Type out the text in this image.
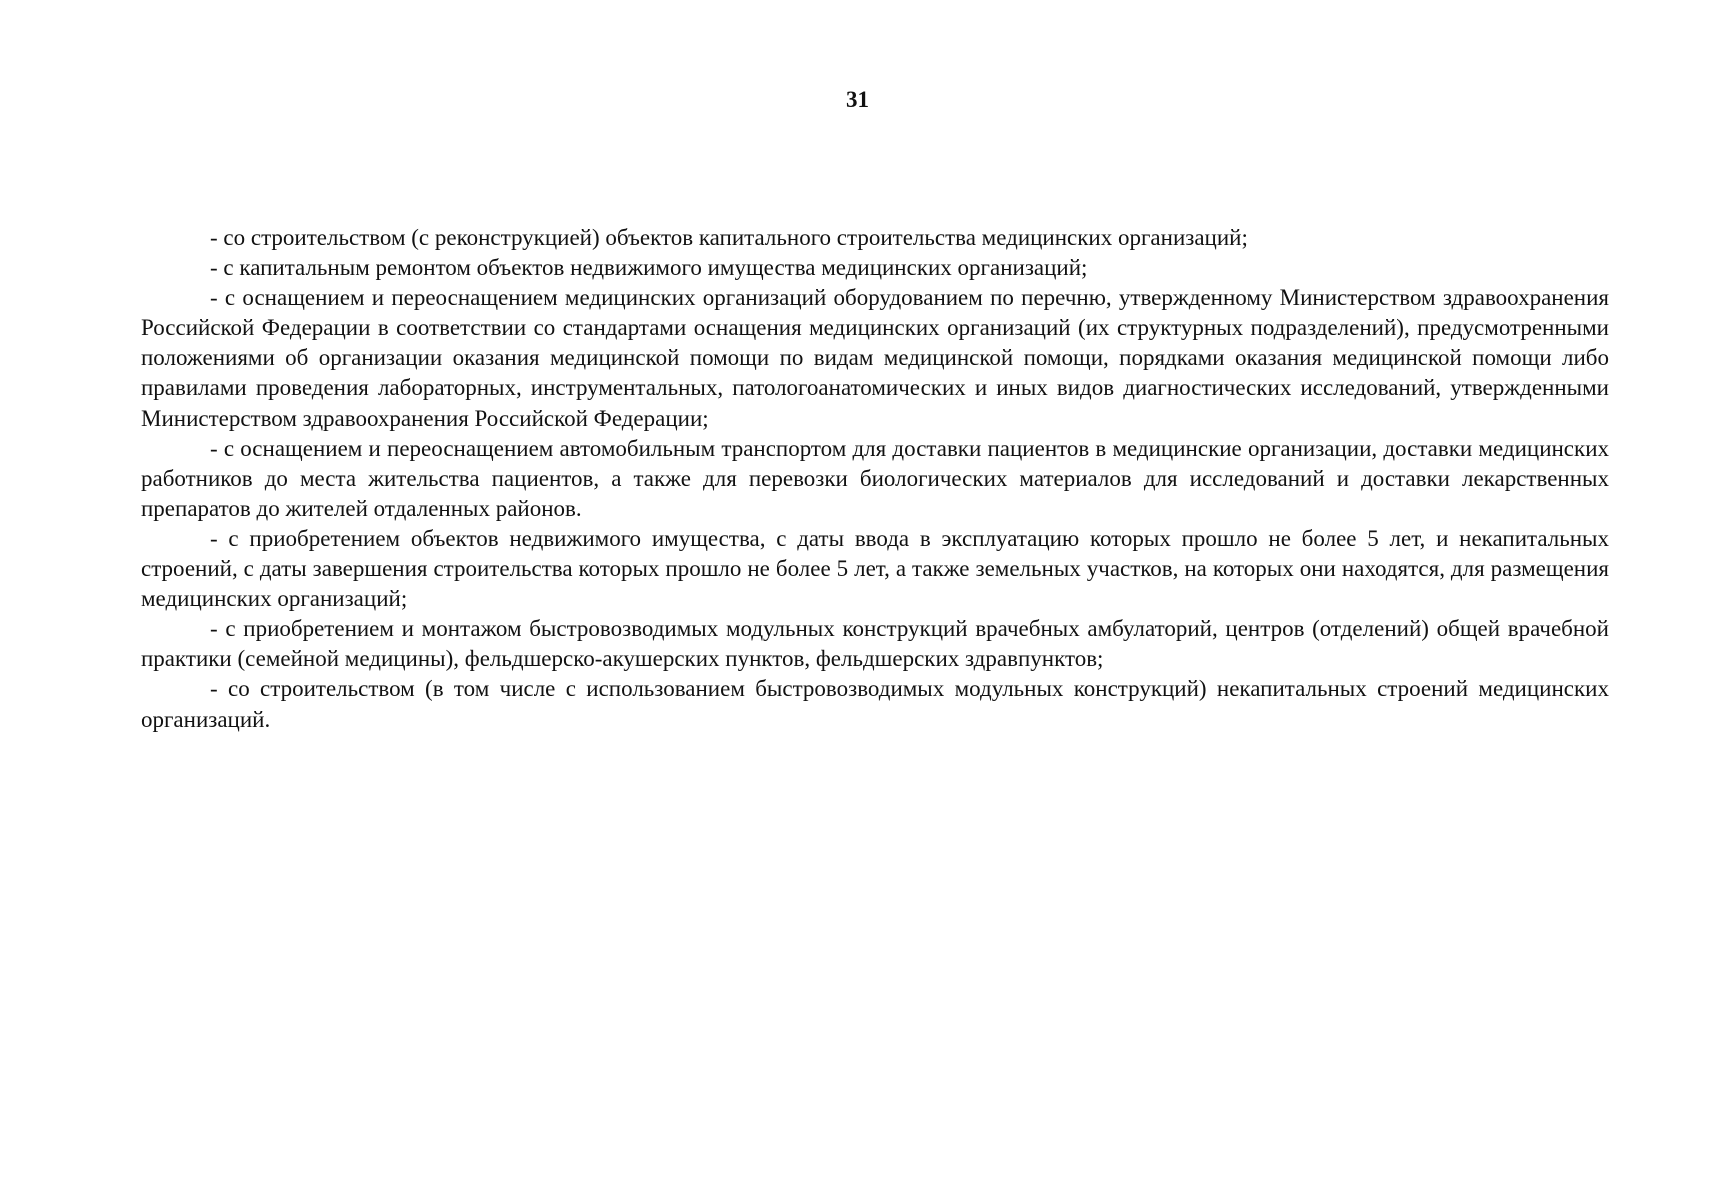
31

- со строительством (с реконструкцией) объектов капитального строительства медицинских организаций;

- с капитальным ремонтом объектов недвижимого имущества медицинских организаций;

- с оснащением и переоснащением медицинских организаций оборудованием по перечню, утвержденному Министерством здравоохранения Российской Федерации в соответствии со стандартами оснащения медицинских организаций (их структурных подразделений), предусмотренными положениями об организации оказания медицинской помощи по видам медицинской помощи, порядками оказания медицинской помощи либо правилами проведения лабораторных, инструментальных, патологоанатомических и иных видов диагностических исследований, утвержденными Министерством здравоохранения Российской Федерации;

- с оснащением и переоснащением автомобильным транспортом для доставки пациентов в медицинские организации, доставки медицинских работников до места жительства пациентов, а также для перевозки биологических материалов для исследований и доставки лекарственных препаратов до жителей отдаленных районов.

- с приобретением объектов недвижимого имущества, с даты ввода в эксплуатацию которых прошло не более 5 лет, и некапитальных строений, с даты завершения строительства которых прошло не более 5 лет, а также земельных участков, на которых они находятся, для размещения медицинских организаций;

- с приобретением и монтажом быстровозводимых модульных конструкций врачебных амбулаторий, центров (отделений) общей врачебной практики (семейной медицины), фельдшерско-акушерских пунктов, фельдшерских здравпунктов;

- со строительством (в том числе с использованием быстровозводимых модульных конструкций) некапитальных строений медицинских организаций.
